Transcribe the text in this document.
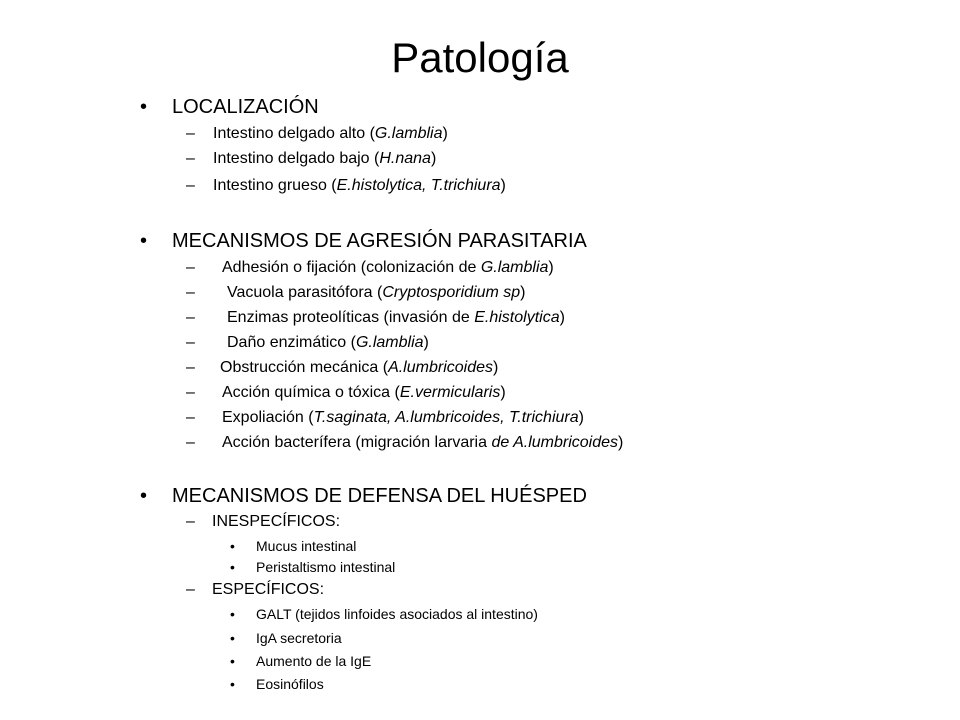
Patología
• LOCALIZACIÓN
– Intestino delgado alto (G.lamblia)
– Intestino delgado bajo (H.nana)
– Intestino grueso (E.histolytica, T.trichiura)
• MECANISMOS DE AGRESIÓN PARASITARIA
– Adhesión o fijación (colonización de G.lamblia)
– Vacuola parasitófora (Cryptosporidium sp)
– Enzimas proteolíticas (invasión de E.histolytica)
– Daño enzimático (G.lamblia)
– Obstrucción mecánica (A.lumbricoides)
– Acción química o tóxica (E.vermicularis)
– Expoliación (T.saginata, A.lumbricoides, T.trichiura)
– Acción bacterífera (migración larvaria de A.lumbricoides)
• MECANISMOS DE DEFENSA DEL HUÉSPED
– INESPECÍFICOS:
• Mucus intestinal
• Peristaltismo intestinal
– ESPECÍFICOS:
• GALT (tejidos linfoides asociados al intestino)
• IgA secretoria
• Aumento de la IgE
• Eosinófilos
